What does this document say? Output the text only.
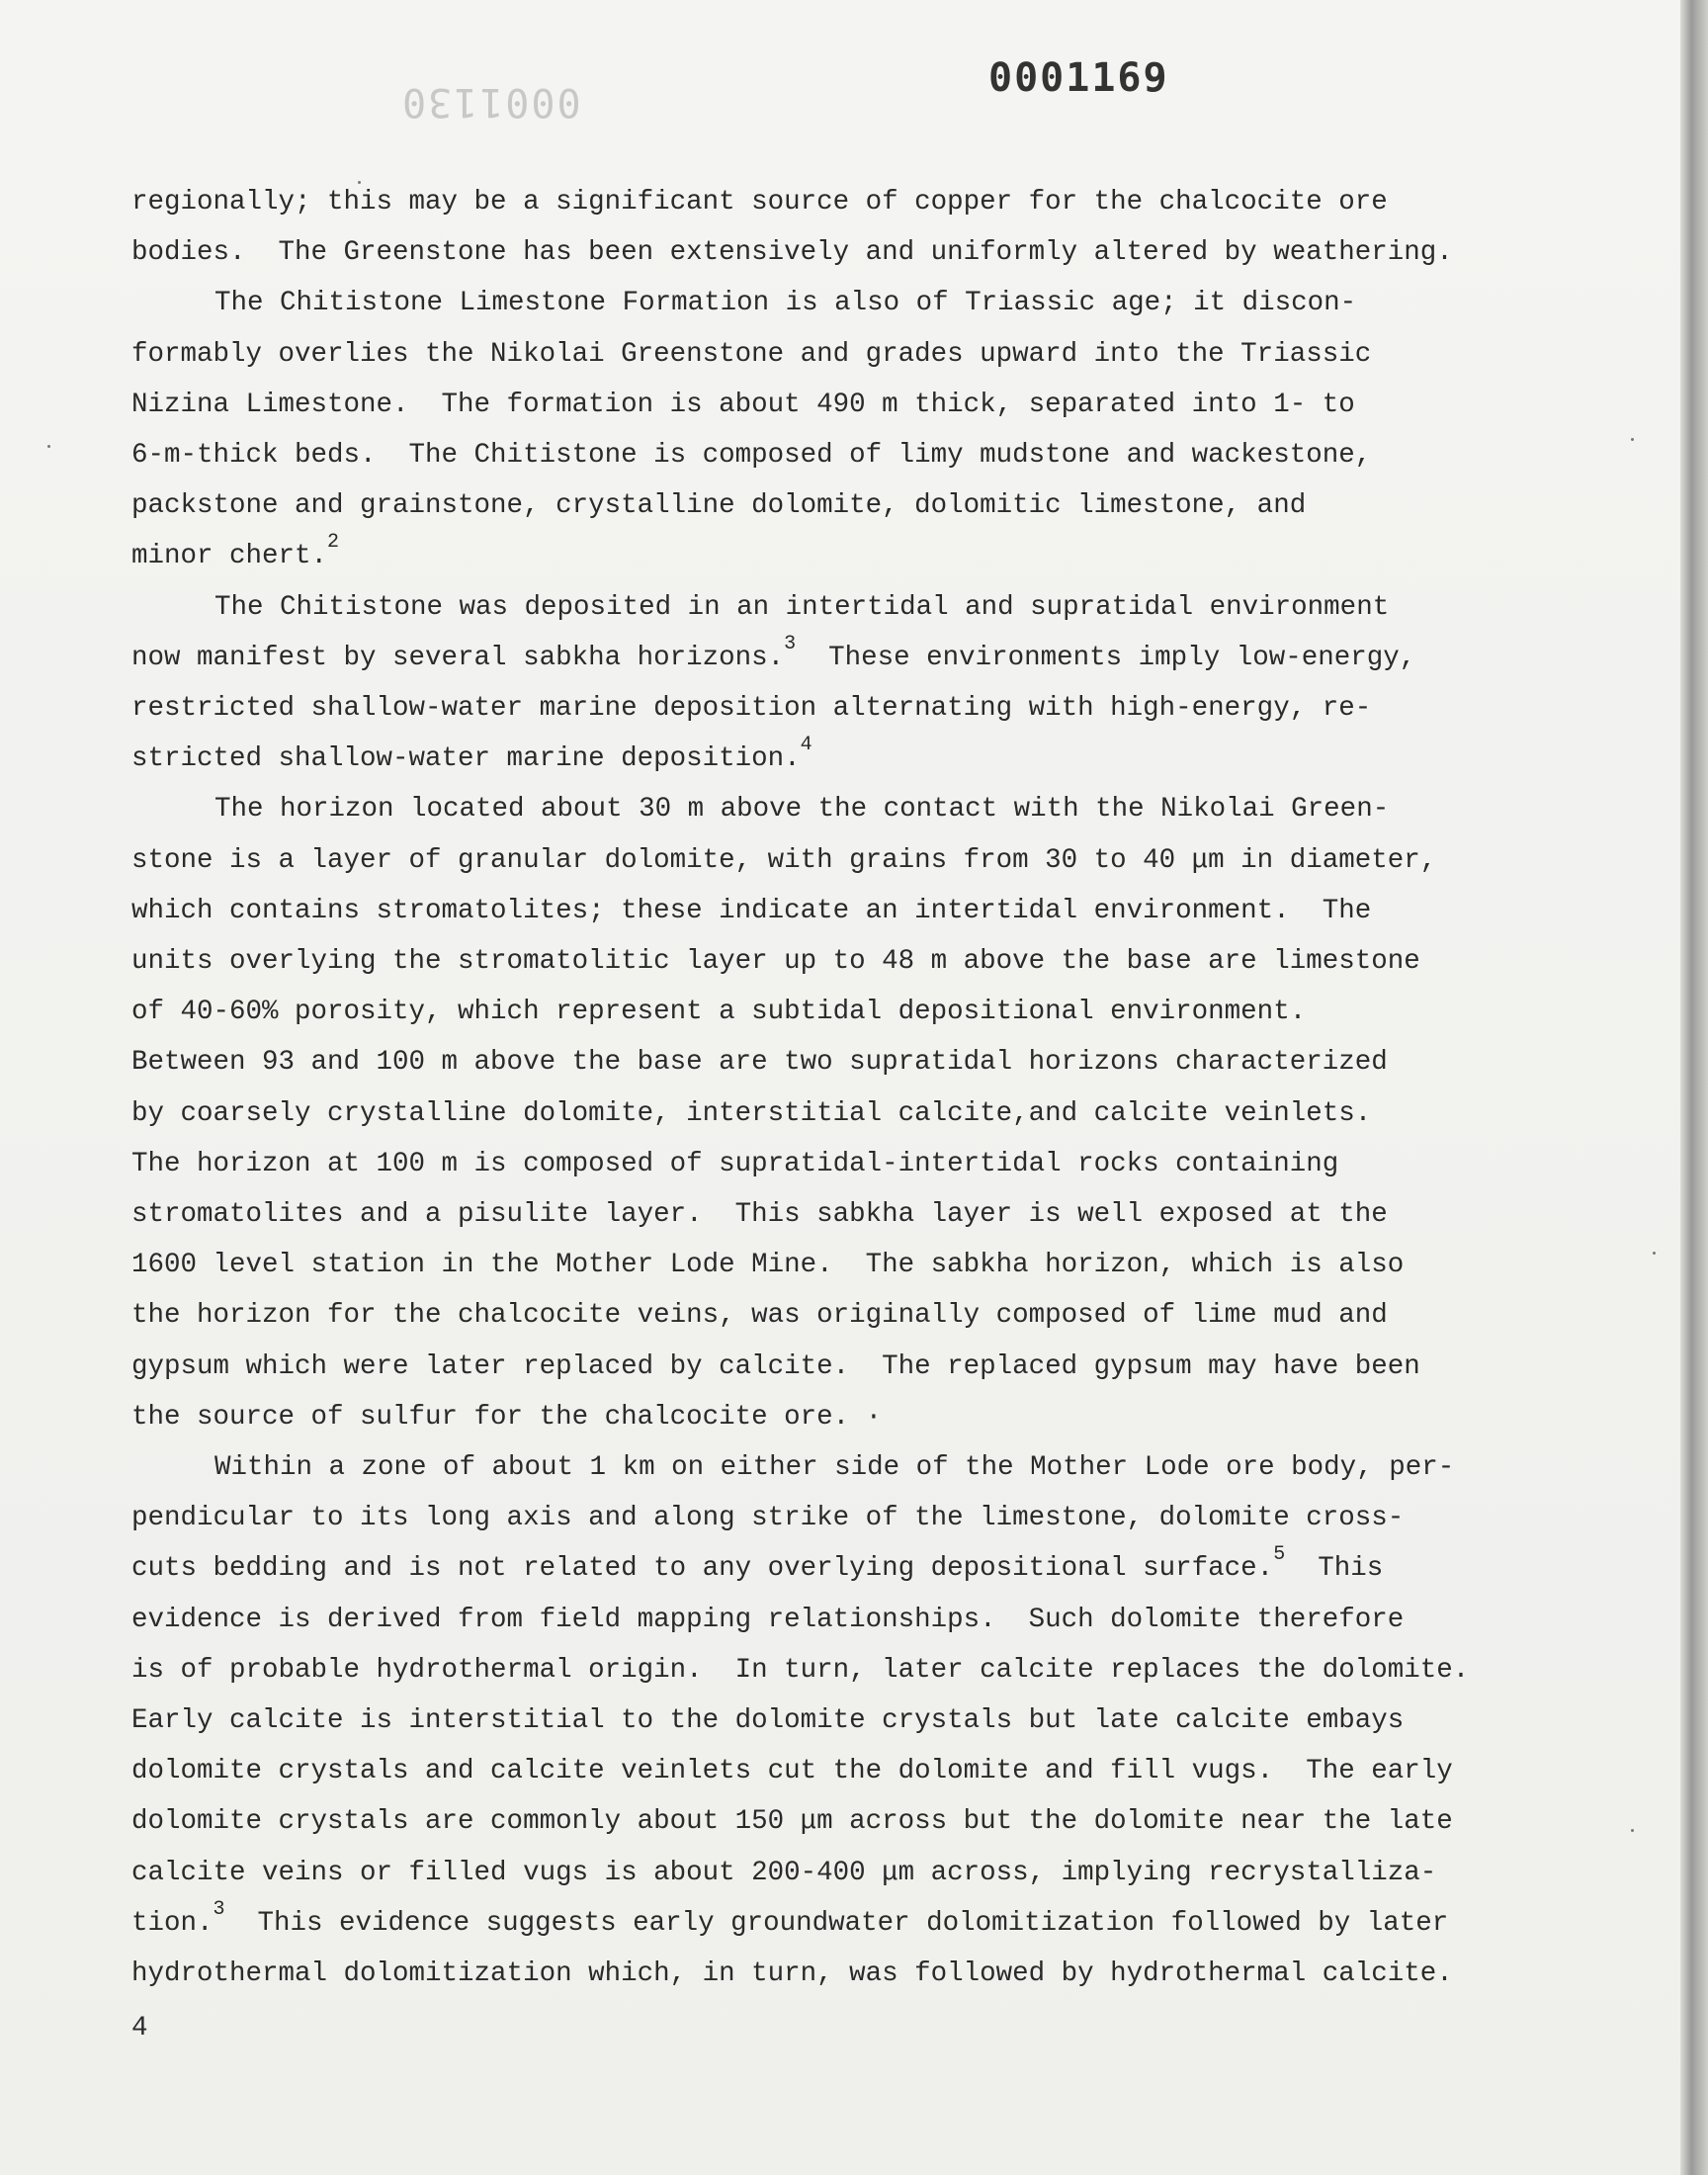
0001130
0001169
regionally; this may be a significant source of copper for the chalcocite ore
bodies.  The Greenstone has been extensively and uniformly altered by weathering.
The Chitistone Limestone Formation is also of Triassic age; it discon-
formably overlies the Nikolai Greenstone and grades upward into the Triassic
Nizina Limestone.  The formation is about 490 m thick, separated into 1- to
6-m-thick beds.  The Chitistone is composed of limy mudstone and wackestone,
packstone and grainstone, crystalline dolomite, dolomitic limestone, and
minor chert.$^2$
The Chitistone was deposited in an intertidal and supratidal environment
now manifest by several sabkha horizons.$^3$  These environments imply low-energy,
restricted shallow-water marine deposition alternating with high-energy, re-
stricted shallow-water marine deposition.$^4$
The horizon located about 30 m above the contact with the Nikolai Green-
stone is a layer of granular dolomite, with grains from 30 to 40 μm in diameter,
which contains stromatolites; these indicate an intertidal environment.  The
units overlying the stromatolitic layer up to 48 m above the base are limestone
of 40-60% porosity, which represent a subtidal depositional environment.
Between 93 and 100 m above the base are two supratidal horizons characterized
by coarsely crystalline dolomite, interstitial calcite,and calcite veinlets.
The horizon at 100 m is composed of supratidal-intertidal rocks containing
stromatolites and a pisulite layer.  This sabkha layer is well exposed at the
1600 level station in the Mother Lode Mine.  The sabkha horizon, which is also
the horizon for the chalcocite veins, was originally composed of lime mud and
gypsum which were later replaced by calcite.  The replaced gypsum may have been
the source of sulfur for the chalcocite ore. ·
Within a zone of about 1 km on either side of the Mother Lode ore body, per-
pendicular to its long axis and along strike of the limestone, dolomite cross-
cuts bedding and is not related to any overlying depositional surface.$^5$  This
evidence is derived from field mapping relationships.  Such dolomite therefore
is of probable hydrothermal origin.  In turn, later calcite replaces the dolomite.
Early calcite is interstitial to the dolomite crystals but late calcite embays
dolomite crystals and calcite veinlets cut the dolomite and fill vugs.  The early
dolomite crystals are commonly about 150 μm across but the dolomite near the late
calcite veins or filled vugs is about 200-400 μm across, implying recrystalliza-
tion.$^3$  This evidence suggests early groundwater dolomitization followed by later
hydrothermal dolomitization which, in turn, was followed by hydrothermal calcite.
4
